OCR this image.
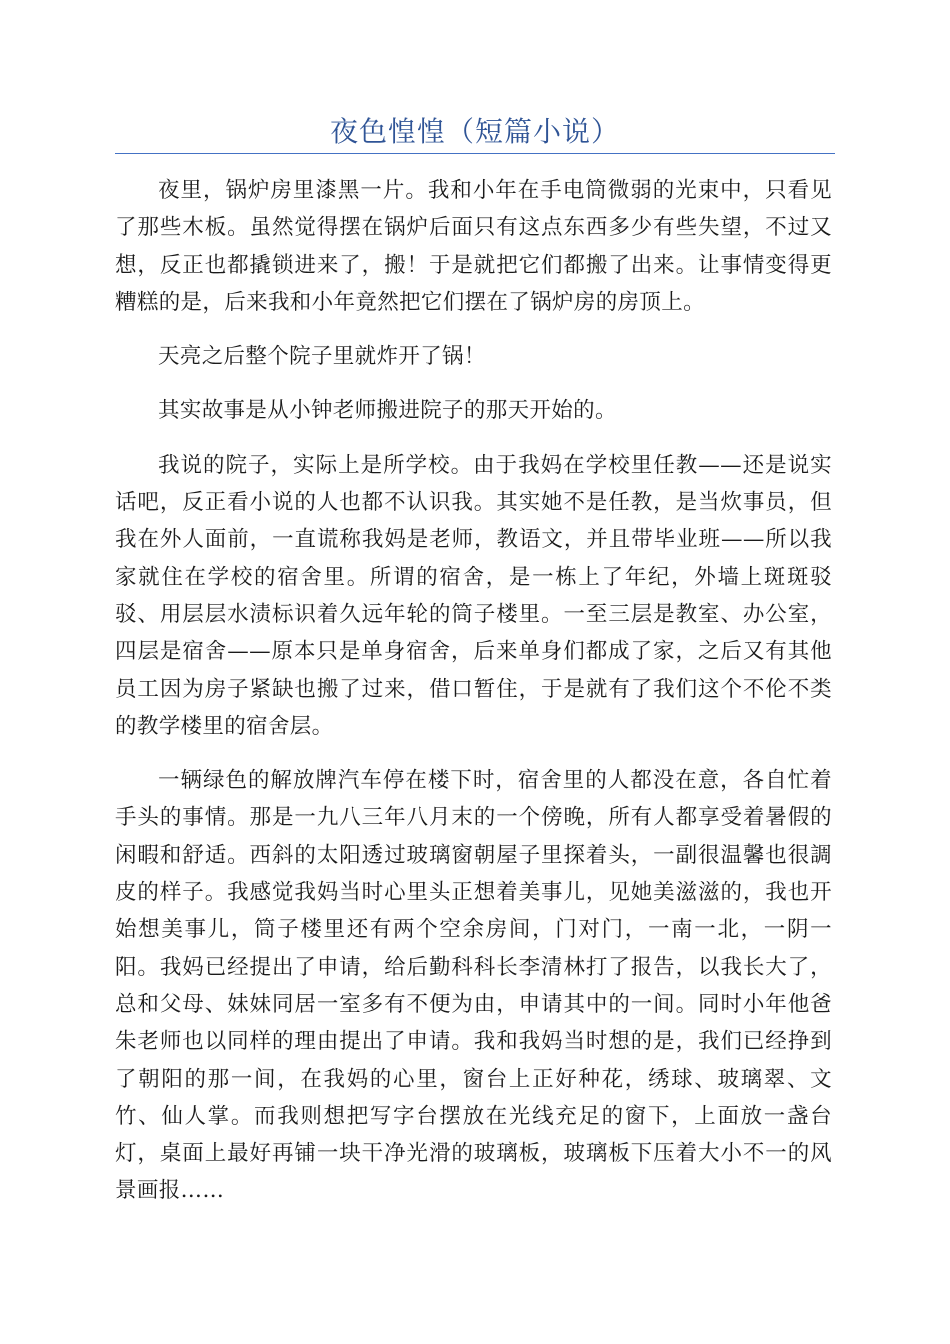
夜色惶惶（短篇小说）

夜里，锅炉房里漆黑一片。我和小年在手电筒微弱的光束中，只看见了那些木板。虽然觉得摆在锅炉后面只有这点东西多少有些失望，不过又想，反正也都撬锁进来了，搬！于是就把它们都搬了出来。让事情变得更糟糕的是，后来我和小年竟然把它们摆在了锅炉房的房顶上。

天亮之后整个院子里就炸开了锅！

其实故事是从小钟老师搬进院子的那天开始的。

我说的院子，实际上是所学校。由于我妈在学校里任教——还是说实话吧，反正看小说的人也都不认识我。其实她不是任教，是当炊事员，但我在外人面前，一直谎称我妈是老师，教语文，并且带毕业班——所以我家就住在学校的宿舍里。所谓的宿舍，是一栋上了年纪，外墙上斑斑驳驳、用层层水渍标识着久远年轮的筒子楼里。一至三层是教室、办公室，四层是宿舍——原本只是单身宿舍，后来单身们都成了家，之后又有其他员工因为房子紧缺也搬了过来，借口暂住，于是就有了我们这个不伦不类的教学楼里的宿舍层。

一辆绿色的解放牌汽车停在楼下时，宿舍里的人都没在意，各自忙着手头的事情。那是一九八三年八月末的一个傍晚，所有人都享受着暑假的闲暇和舒适。西斜的太阳透过玻璃窗朝屋子里探着头，一副很温馨也很調皮的样子。我感觉我妈当时心里头正想着美事儿，见她美滋滋的，我也开始想美事儿，筒子楼里还有两个空余房间，门对门，一南一北，一阴一阳。我妈已经提出了申请，给后勤科科长李清林打了报告，以我长大了，总和父母、妹妹同居一室多有不便为由，申请其中的一间。同时小年他爸朱老师也以同样的理由提出了申请。我和我妈当时想的是，我们已经挣到了朝阳的那一间，在我妈的心里，窗台上正好种花，绣球、玻璃翠、文竹、仙人掌。而我则想把写字台摆放在光线充足的窗下，上面放一盏台灯，桌面上最好再铺一块干净光滑的玻璃板，玻璃板下压着大小不一的风景画报……
